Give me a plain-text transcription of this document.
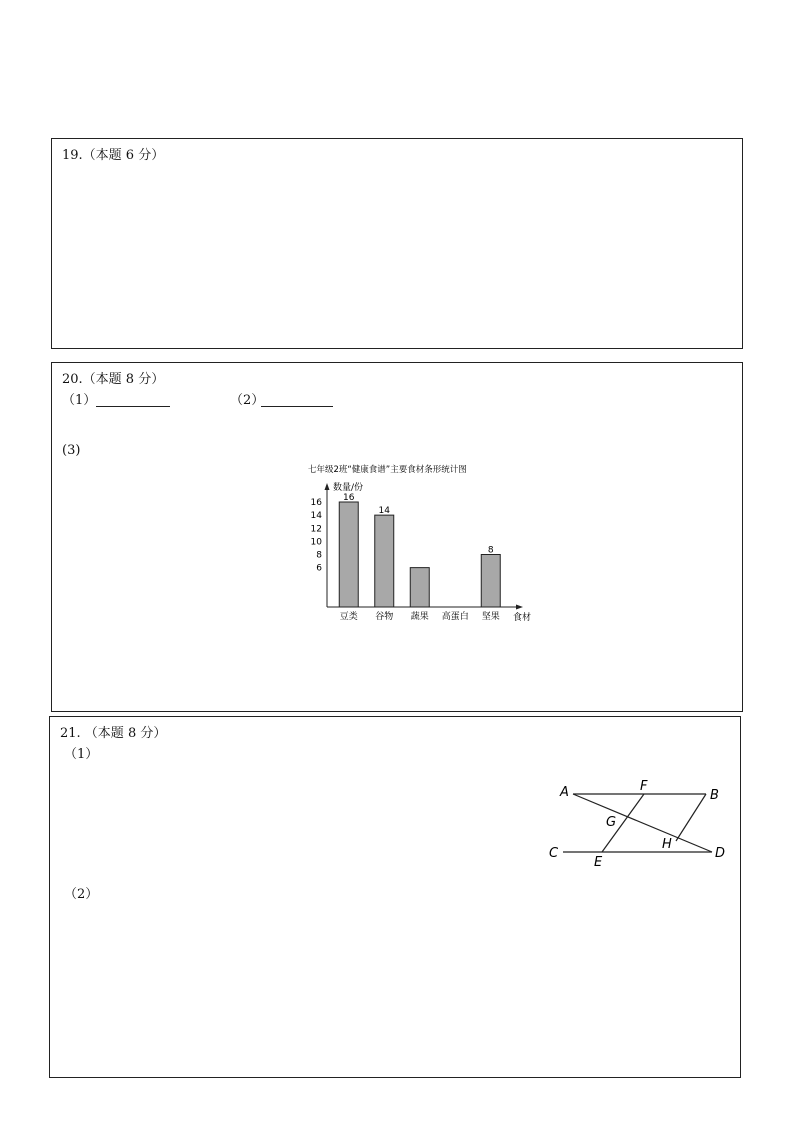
19.（本题 6 分）
20.（本题 8 分）
（1）	（2）
(3)
七年级2班“健康食谱”主要食材条形统计图
数量/份
食材
6
8
10
12
14
16 16
14
8
豆类 谷物 蔬果 高蛋白 坚果
21. （本题 8 分）
（1）
（2）
A	F
B
G
H
C
E
D
